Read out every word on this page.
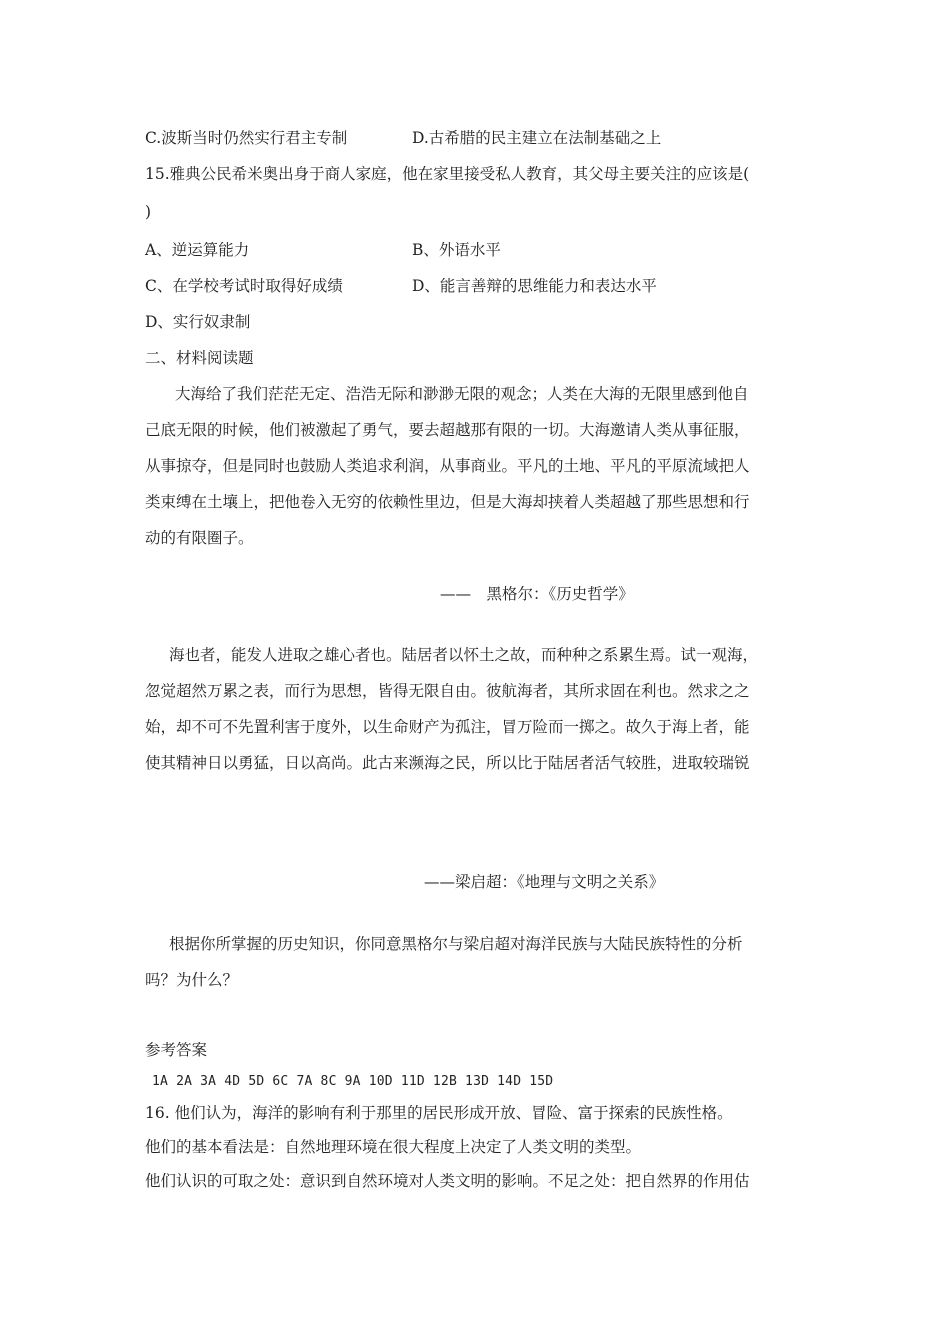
C.波斯当时仍然实行君主专制	D.古希腊的民主建立在法制基础之上
15.雅典公民希米奥出身于商人家庭，他在家里接受私人教育，其父母主要关注的应该是(
)
A、逆运算能力	B、外语水平
C、在学校考试时取得好成绩	D、能言善辩的思维能力和表达水平
D、实行奴隶制
二、材料阅读题
大海给了我们茫茫无定、浩浩无际和渺渺无限的观念；人类在大海的无限里感到他自
己底无限的时候，他们被激起了勇气，要去超越那有限的一切。大海邀请人类从事征服，
从事掠夺，但是同时也鼓励人类追求利润，从事商业。平凡的土地、平凡的平原流域把人
类束缚在土壤上，把他卷入无穷的依赖性里边，但是大海却挟着人类超越了那些思想和行
动的有限圈子。
——　黑格尔：《历史哲学》
海也者，能发人进取之雄心者也。陆居者以怀土之故，而种种之系累生焉。试一观海，
忽觉超然万累之表，而行为思想，皆得无限自由。彼航海者，其所求固在利也。然求之之
始，却不可不先置利害于度外，以生命财产为孤注，冒万险而一掷之。故久于海上者，能
使其精神日以勇猛，日以高尚。此古来濒海之民，所以比于陆居者活气较胜，进取较瑞锐
——梁启超：《地理与文明之关系》
根据你所掌握的历史知识，你同意黑格尔与梁启超对海洋民族与大陆民族特性的分析
吗？为什么？
参考答案
1A 2A 3A 4D 5D 6C 7A 8C 9A 10D 11D 12B 13D 14D 15D
16. 他们认为，海洋的影响有利于那里的居民形成开放、冒险、富于探索的民族性格。
他们的基本看法是：自然地理环境在很大程度上决定了人类文明的类型。
他们认识的可取之处：意识到自然环境对人类文明的影响。不足之处：把自然界的作用估
